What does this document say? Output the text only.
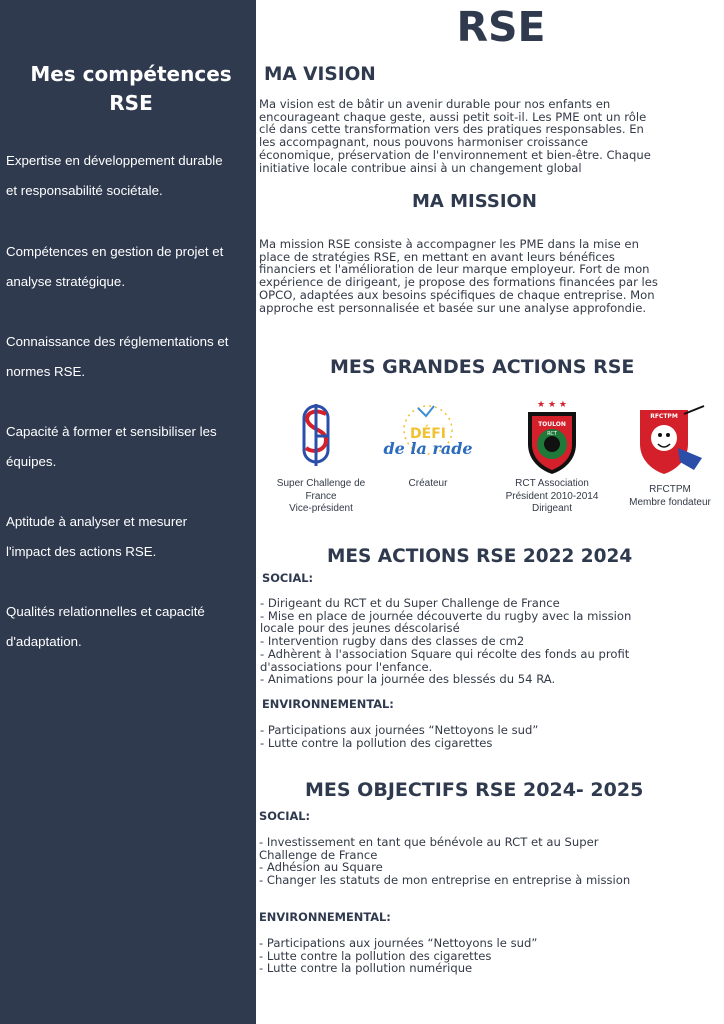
Mes compétences
RSE
Expertise en développement durable
et responsabilité sociétale.
Compétences en gestion de projet et
analyse stratégique.
Connaissance des réglementations et
normes RSE.
Capacité à former et sensibiliser les
équipes.
Aptitude à analyser et mesurer
l'impact des actions RSE.
Qualités relationnelles et capacité
d'adaptation.
RSE
MA VISION
Ma vision est de bâtir un avenir durable pour nos enfants en
encourageant chaque geste, aussi petit soit-il. Les PME ont un rôle
clé dans cette transformation vers des pratiques responsables. En
les accompagnant, nous pouvons harmoniser croissance
économique, préservation de l'environnement et bien-être. Chaque
initiative locale contribue ainsi à un changement global
MA MISSION
Ma mission RSE consiste à accompagner les PME dans la mise en
place de stratégies RSE, en mettant en avant leurs bénéfices
financiers et l'amélioration de leur marque employeur. Fort de mon
expérience de dirigeant, je propose des formations financées par les
OPCO, adaptées aux besoins spécifiques de chaque entreprise. Mon
approche est personnalisée et basée sur une analyse approfondie.
MES GRANDES ACTIONS RSE
Super Challenge de
France
Vice-président
DÉFI
de la rade
Créateur
★ ★ ★
TOULON
RCT
RCT Association
Président 2010-2014
Dirigeant
RFCTPM
RFCTPM
Membre fondateur
MES ACTIONS RSE 2022 2024
SOCIAL:
- Dirigeant du RCT et du Super Challenge de France
- Mise en place de journée découverte du rugby avec la mission
locale pour des jeunes déscolarisé
- Intervention rugby dans des classes de cm2
- Adhèrent à l'association Square qui récolte des fonds au profit
d'associations pour l'enfance.
- Animations pour la journée des blessés du 54 RA.
ENVIRONNEMENTAL:
- Participations aux journées “Nettoyons le sud”
- Lutte contre la pollution des cigarettes
MES OBJECTIFS RSE 2024- 2025
SOCIAL:
- Investissement en tant que bénévole au RCT et au Super
Challenge de France
- Adhésion au Square
- Changer les statuts de mon entreprise en entreprise à mission
ENVIRONNEMENTAL:
- Participations aux journées “Nettoyons le sud”
- Lutte contre la pollution des cigarettes
- Lutte contre la pollution numérique
